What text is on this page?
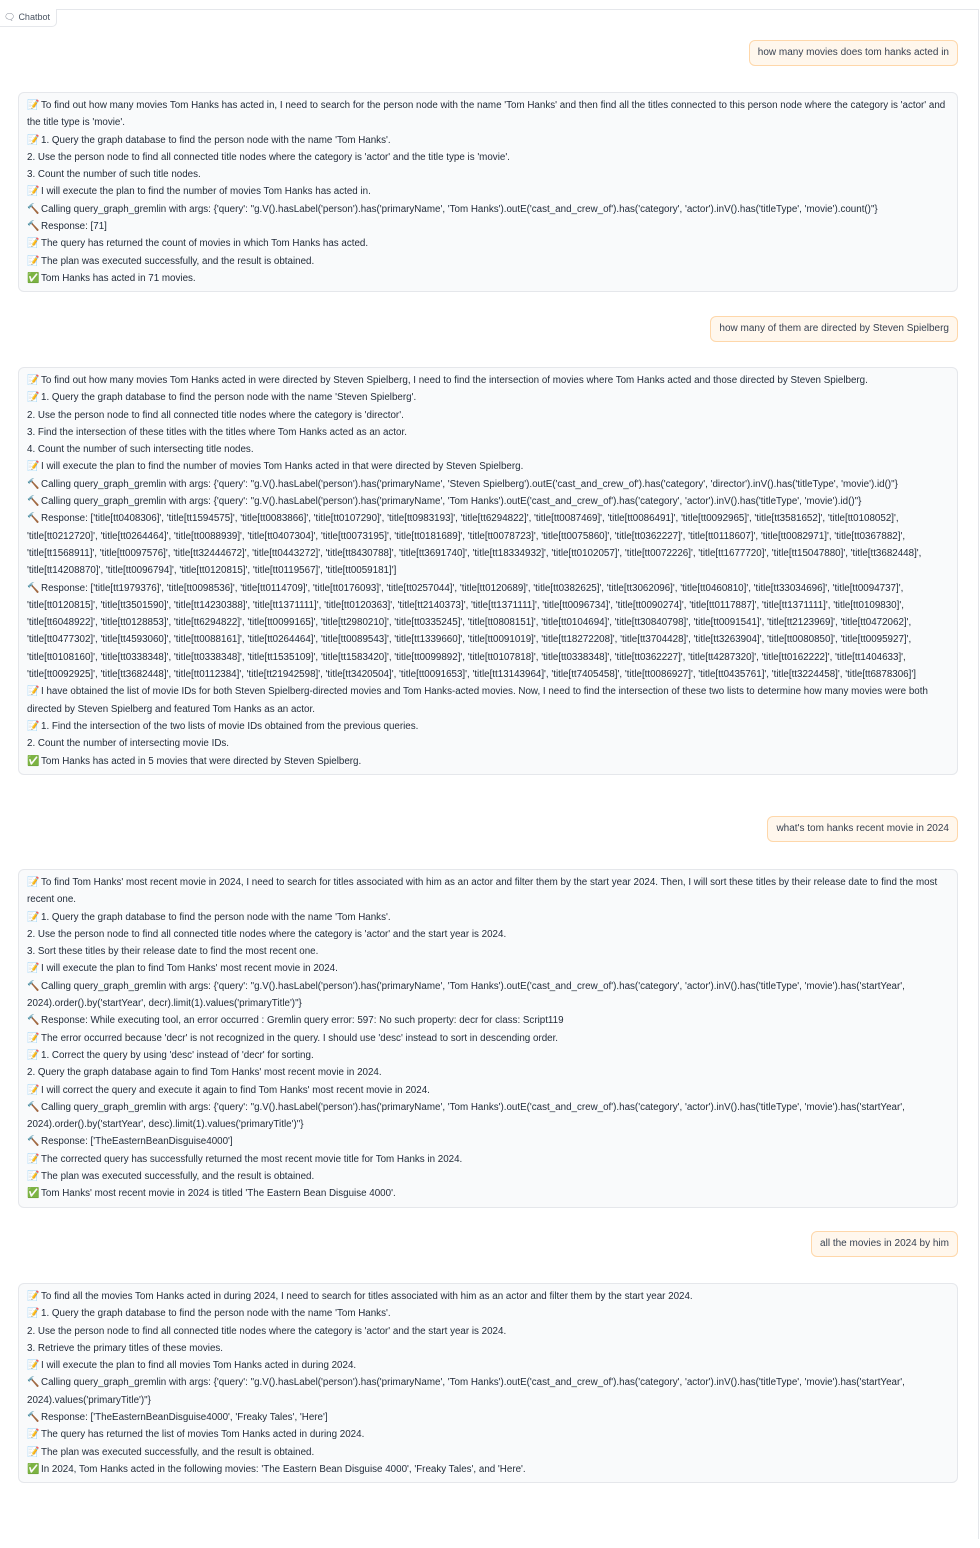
🗨 Chatbot
how many movies does tom hanks acted in
📝 To find out how many movies Tom Hanks has acted in, I need to search for the person node with the name 'Tom Hanks' and then find all the titles connected to this person node where the category is 'actor' and the title type is 'movie'.
📝 1. Query the graph database to find the person node with the name 'Tom Hanks'.
2. Use the person node to find all connected title nodes where the category is 'actor' and the title type is 'movie'.
3. Count the number of such title nodes.
📝 I will execute the plan to find the number of movies Tom Hanks has acted in.
🔨 Calling query_graph_gremlin with args: {'query': "g.V().hasLabel('person').has('primaryName', 'Tom Hanks').outE('cast_and_crew_of').has('category', 'actor').inV().has('titleType', 'movie').count()"}
🔨 Response: [71]
📝 The query has returned the count of movies in which Tom Hanks has acted.
📝 The plan was executed successfully, and the result is obtained.
✅ Tom Hanks has acted in 71 movies.
how many of them are directed by Steven Spielberg
📝 To find out how many movies Tom Hanks acted in were directed by Steven Spielberg, I need to find the intersection of movies where Tom Hanks acted and those directed by Steven Spielberg.
📝 1. Query the graph database to find the person node with the name 'Steven Spielberg'.
2. Use the person node to find all connected title nodes where the category is 'director'.
3. Find the intersection of these titles with the titles where Tom Hanks acted as an actor.
4. Count the number of such intersecting title nodes.
📝 I will execute the plan to find the number of movies Tom Hanks acted in that were directed by Steven Spielberg.
🔨 Calling query_graph_gremlin with args: {'query': "g.V().hasLabel('person').has('primaryName', 'Steven Spielberg').outE('cast_and_crew_of').has('category', 'director').inV().has('titleType', 'movie').id()"}
🔨 Calling query_graph_gremlin with args: {'query': "g.V().hasLabel('person').has('primaryName', 'Tom Hanks').outE('cast_and_crew_of').has('category', 'actor').inV().has('titleType', 'movie').id()"}
🔨 Response: ['title[tt0408306]', 'title[tt1594575]', 'title[tt0083866]', 'title[tt0107290]', 'title[tt0983193]', 'title[tt6294822]', 'title[tt0087469]', 'title[tt0086491]', 'title[tt0092965]', 'title[tt3581652]', 'title[tt0108052]', 'title[tt0212720]', 'title[tt0264464]', 'title[tt0088939]', 'title[tt0407304]', 'title[tt0073195]', 'title[tt0181689]', 'title[tt0078723]', 'title[tt0075860]', 'title[tt0362227]', 'title[tt0118607]', 'title[tt0082971]', 'title[tt0367882]', 'title[tt1568911]', 'title[tt0097576]', 'title[tt32444672]', 'title[tt0443272]', 'title[tt8430788]', 'title[tt3691740]', 'title[tt18334932]', 'title[tt0102057]', 'title[tt0072226]', 'title[tt1677720]', 'title[tt15047880]', 'title[tt3682448]', 'title[tt14208870]', 'title[tt0096794]', 'title[tt0120815]', 'title[tt0119567]', 'title[tt0059181]']
🔨 Response: ['title[tt1979376]', 'title[tt0098536]', 'title[tt0114709]', 'title[tt0176093]', 'title[tt0257044]', 'title[tt0120689]', 'title[tt0382625]', 'title[tt3062096]', 'title[tt0460810]', 'title[tt33034696]', 'title[tt0094737]', 'title[tt0120815]', 'title[tt3501590]', 'title[tt14230388]', 'title[tt1371111]', 'title[tt0120363]', 'title[tt2140373]', 'title[tt1371111]', 'title[tt0096734]', 'title[tt0090274]', 'title[tt0117887]', 'title[tt1371111]', 'title[tt0109830]', 'title[tt6048922]', 'title[tt0128853]', 'title[tt6294822]', 'title[tt0099165]', 'title[tt2980210]', 'title[tt0335245]', 'title[tt0808151]', 'title[tt0104694]', 'title[tt30840798]', 'title[tt0091541]', 'title[tt2123969]', 'title[tt0472062]', 'title[tt0477302]', 'title[tt4593060]', 'title[tt0088161]', 'title[tt0264464]', 'title[tt0089543]', 'title[tt1339660]', 'title[tt0091019]', 'title[tt18272208]', 'title[tt3704428]', 'title[tt3263904]', 'title[tt0080850]', 'title[tt0095927]', 'title[tt0108160]', 'title[tt0338348]', 'title[tt0338348]', 'title[tt1535109]', 'title[tt1583420]', 'title[tt0099892]', 'title[tt0107818]', 'title[tt0338348]', 'title[tt0362227]', 'title[tt4287320]', 'title[tt0162222]', 'title[tt1404633]', 'title[tt0092925]', 'title[tt3682448]', 'title[tt0112384]', 'title[tt21942598]', 'title[tt3420504]', 'title[tt0091653]', 'title[tt13143964]', 'title[tt7405458]', 'title[tt0086927]', 'title[tt0435761]', 'title[tt3224458]', 'title[tt6878306]']
📝 I have obtained the list of movie IDs for both Steven Spielberg-directed movies and Tom Hanks-acted movies. Now, I need to find the intersection of these two lists to determine how many movies were both directed by Steven Spielberg and featured Tom Hanks as an actor.
📝 1. Find the intersection of the two lists of movie IDs obtained from the previous queries.
2. Count the number of intersecting movie IDs.
✅ Tom Hanks has acted in 5 movies that were directed by Steven Spielberg.
what's tom hanks recent movie in 2024
📝 To find Tom Hanks' most recent movie in 2024, I need to search for titles associated with him as an actor and filter them by the start year 2024. Then, I will sort these titles by their release date to find the most recent one.
📝 1. Query the graph database to find the person node with the name 'Tom Hanks'.
2. Use the person node to find all connected title nodes where the category is 'actor' and the start year is 2024.
3. Sort these titles by their release date to find the most recent one.
📝 I will execute the plan to find Tom Hanks' most recent movie in 2024.
🔨 Calling query_graph_gremlin with args: {'query': "g.V().hasLabel('person').has('primaryName', 'Tom Hanks').outE('cast_and_crew_of').has('category', 'actor').inV().has('titleType', 'movie').has('startYear', 2024).order().by('startYear', decr).limit(1).values('primaryTitle')"}
🔨 Response: While executing tool, an error occurred : Gremlin query error: 597: No such property: decr for class: Script119
📝 The error occurred because 'decr' is not recognized in the query. I should use 'desc' instead to sort in descending order.
📝 1. Correct the query by using 'desc' instead of 'decr' for sorting.
2. Query the graph database again to find Tom Hanks' most recent movie in 2024.
📝 I will correct the query and execute it again to find Tom Hanks' most recent movie in 2024.
🔨 Calling query_graph_gremlin with args: {'query': "g.V().hasLabel('person').has('primaryName', 'Tom Hanks').outE('cast_and_crew_of').has('category', 'actor').inV().has('titleType', 'movie').has('startYear', 2024).order().by('startYear', desc).limit(1).values('primaryTitle')"}
🔨 Response: ['TheEasternBeanDisguise4000']
📝 The corrected query has successfully returned the most recent movie title for Tom Hanks in 2024.
📝 The plan was executed successfully, and the result is obtained.
✅ Tom Hanks' most recent movie in 2024 is titled 'The Eastern Bean Disguise 4000'.
all the movies in 2024 by him
📝 To find all the movies Tom Hanks acted in during 2024, I need to search for titles associated with him as an actor and filter them by the start year 2024.
📝 1. Query the graph database to find the person node with the name 'Tom Hanks'.
2. Use the person node to find all connected title nodes where the category is 'actor' and the start year is 2024.
3. Retrieve the primary titles of these movies.
📝 I will execute the plan to find all movies Tom Hanks acted in during 2024.
🔨 Calling query_graph_gremlin with args: {'query': "g.V().hasLabel('person').has('primaryName', 'Tom Hanks').outE('cast_and_crew_of').has('category', 'actor').inV().has('titleType', 'movie').has('startYear', 2024).values('primaryTitle')"}
🔨 Response: ['TheEasternBeanDisguise4000', 'Freaky Tales', 'Here']
📝 The query has returned the list of movies Tom Hanks acted in during 2024.
📝 The plan was executed successfully, and the result is obtained.
✅ In 2024, Tom Hanks acted in the following movies: 'The Eastern Bean Disguise 4000', 'Freaky Tales', and 'Here'.
